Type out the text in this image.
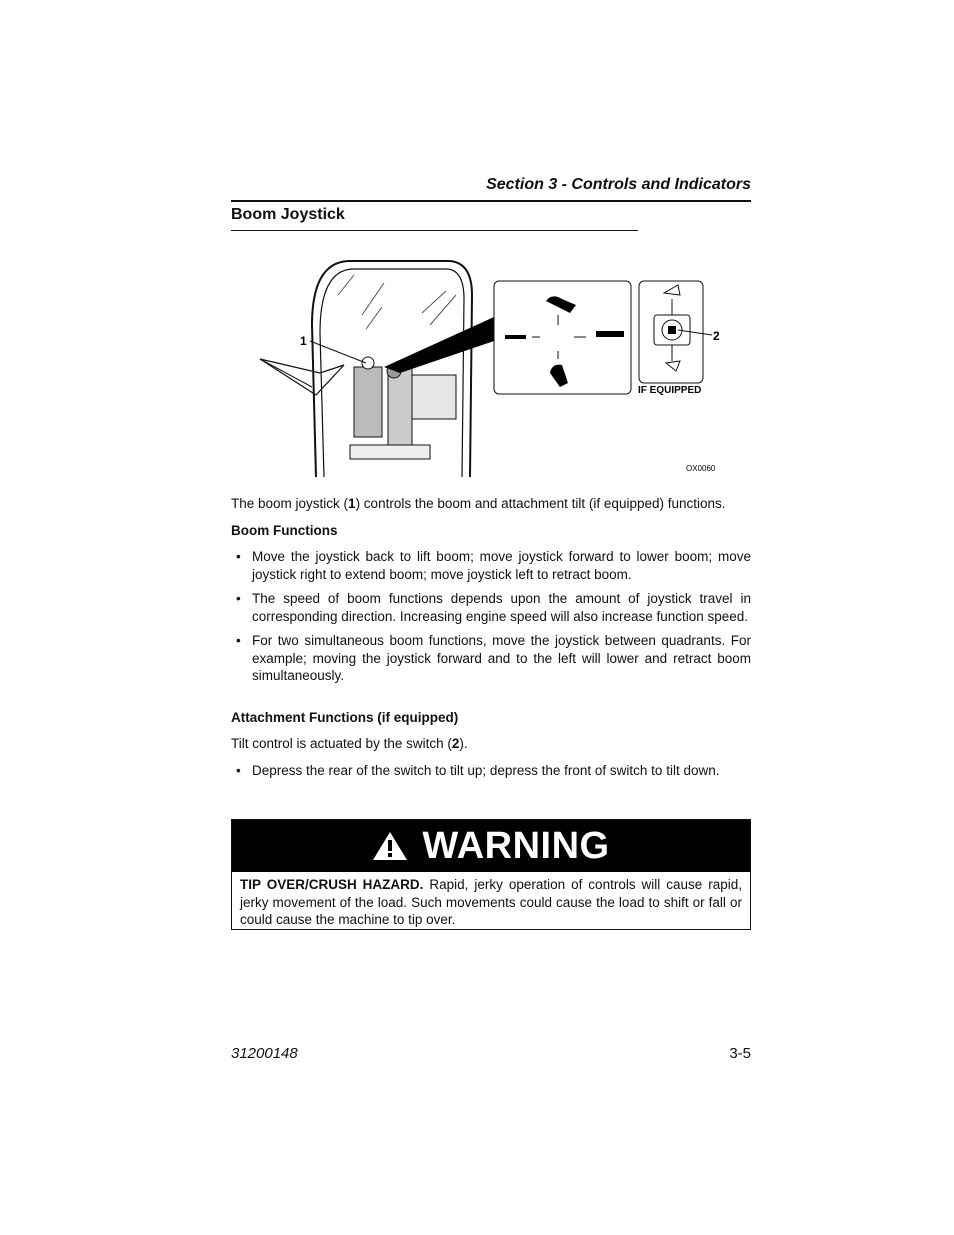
Section 3 - Controls and Indicators
Boom Joystick
1	2
IF EQUIPPED
OX0060
The boom joystick (1) controls the boom and attachment tilt (if equipped) functions.
Boom Functions
• Move the joystick back to lift boom; move joystick forward to lower boom; move joystick right to extend boom; move joystick left to retract boom.
• The speed of boom functions depends upon the amount of joystick travel in corresponding direction. Increasing engine speed will also increase function speed.
• For two simultaneous boom functions, move the joystick between quadrants. For example; moving the joystick forward and to the left will lower and retract boom simultaneously.
Attachment Functions (if equipped)
Tilt control is actuated by the switch (2).
• Depress the rear of the switch to tilt up; depress the front of switch to tilt down.
WARNING
TIP OVER/CRUSH HAZARD. Rapid, jerky operation of controls will cause rapid, jerky movement of the load. Such movements could cause the load to shift or fall or could cause the machine to tip over.
31200148	3-5
